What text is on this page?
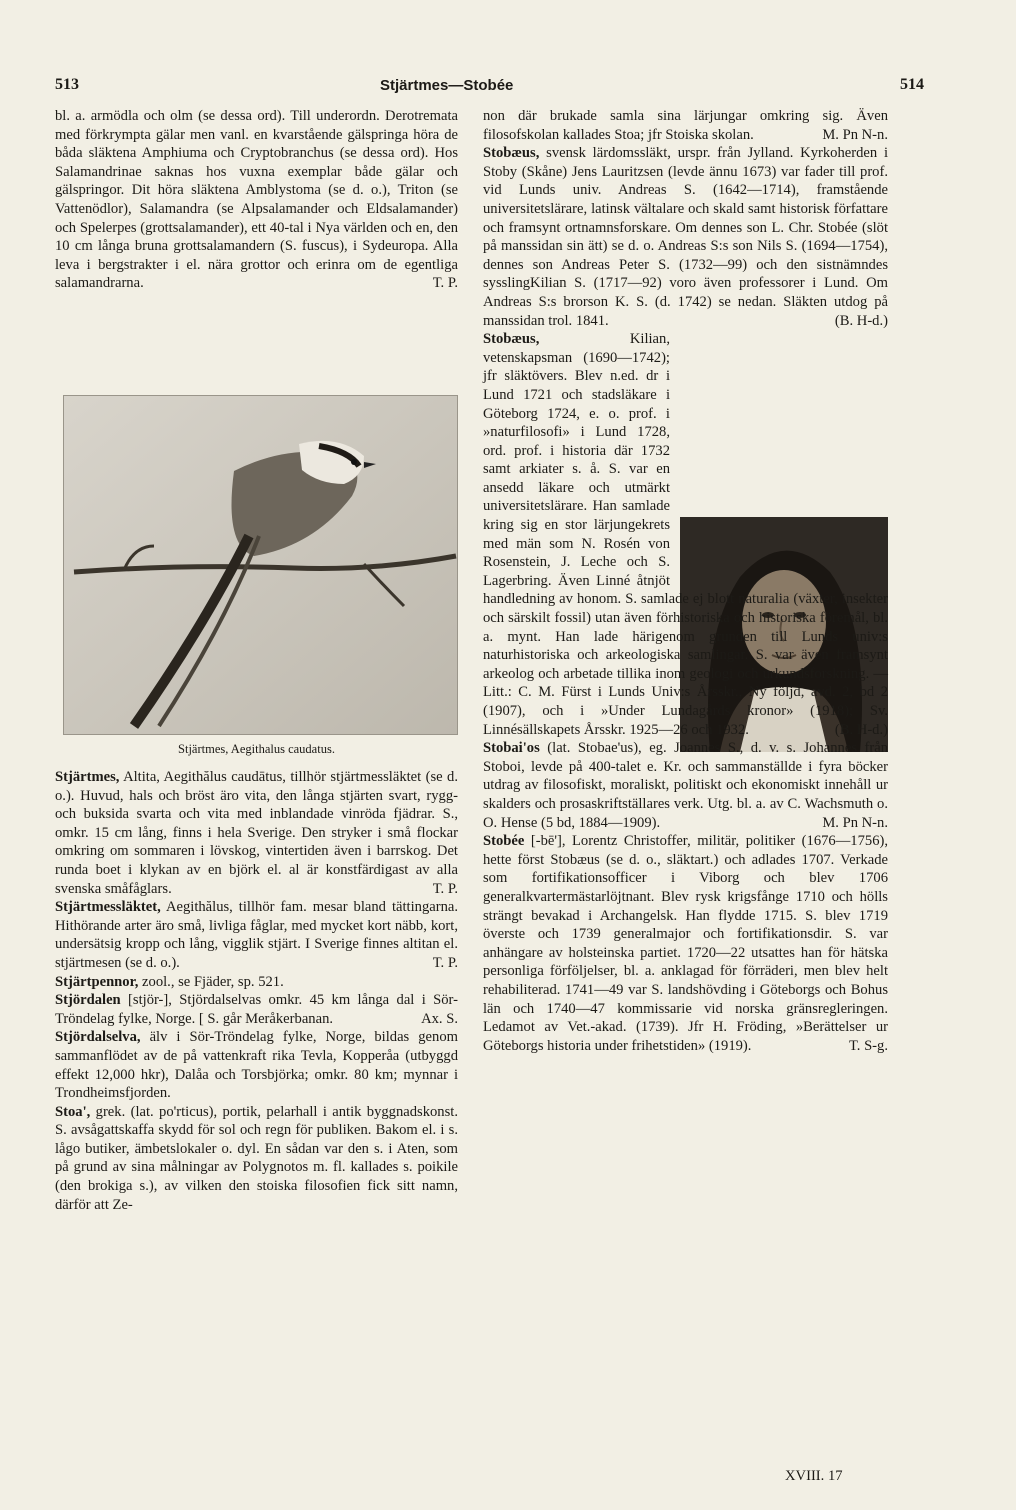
513	Stjärtmes—Stobée	514

bl. a. armödla och olm (se dessa ord). Till underordn. Derotremata med förkrympta gälar men vanl. en kvarstående gälspringa höra de båda släktena Amphiuma och Cryptobranchus (se dessa ord). Hos Salamandrinae saknas hos vuxna exemplar både gälar och gälspringor. Dit höra släktena Amblystoma (se d. o.), Triton (se Vattenödlor), Salamandra (se Alpsalamander och Eldsalamander) och Spelerpes (grottsalamander), ett 40-tal i Nya världen och en, den 10 cm långa bruna grottsalamandern (S. fuscus), i Sydeuropa. Alla leva i bergstrakter i el. nära grottor och erinra om de egentliga salamandrarna.	T. P.

Stjärtmes, Aegithalus caudatus.

Stjärtmes, Altita, Aegithălus caudātus, tillhör stjärtmessläktet (se d. o.). Huvud, hals och bröst äro vita, den långa stjärten svart, rygg- och buksida svarta och vita med inblandade vinröda fjädrar. S., omkr. 15 cm lång, finns i hela Sverige. Den stryker i små flockar omkring om sommaren i lövskog, vintertiden även i barrskog. Det runda boet i klykan av en björk el. al är konstfärdigast av alla svenska småfåglars.	T. P.

Stjärtmessläktet, Aegithălus, tillhör fam. mesar bland tättingarna. Hithörande arter äro små, livliga fåglar, med mycket kort näbb, kort, undersätsig kropp och lång, vigglik stjärt. I Sverige finnes altitan el. stjärtmesen (se d. o.).	T. P.

Stjärtpennor, zool., se Fjäder, sp. 521.

Stjördalen [stjör-], Stjördalselvas omkr. 45 km långa dal i Sör-Tröndelag fylke, Norge. [ S. går Meråkerbanan.	Ax. S.

Stjördalselva, älv i Sör-Tröndelag fylke, Norge, bildas genom sammanflödet av de på vattenkraft rika Tevla, Kopperåa (utbyggd effekt 12,000 hkr), Dalåa och Torsbjörka; omkr. 80 km; mynnar i Trondheimsfjorden.

Stoa', grek. (lat. po'rticus), portik, pelarhall i antik byggnadskonst. S. avsågattskaffa skydd för sol och regn för publiken. Bakom el. i s. lågo butiker, ämbetslokaler o. dyl. En sådan var den s. i Aten, som på grund av sina målningar av Polygnotos m. fl. kallades s. poikile (den brokiga s.), av vilken den stoiska filosofien fick sitt namn, därför att Ze-

non där brukade samla sina lärjungar omkring sig. Även filosofskolan kallades Stoa; jfr Stoiska skolan.	M. Pn N-n.

Stobæus, svensk lärdomssläkt, urspr. från Jylland. Kyrkoherden i Stoby (Skåne) Jens Lauritzsen (levde ännu 1673) var fader till prof. vid Lunds univ. Andreas S. (1642—1714), framstående universitetslärare, latinsk vältalare och skald samt historisk författare och framsynt ortnamnsforskare. Om dennes son L. Chr. Stobée (slöt på manssidan sin ätt) se d. o. Andreas S:s son Nils S. (1694—1754), dennes son Andreas Peter S. (1732—99) och den sistnämndes sysslingKilian S. (1717—92) voro även professorer i Lund. Om Andreas S:s brorson K. S. (d. 1742) se nedan. Släkten utdog på manssidan trol. 1841.	(B. H-d.)

Stobæus,	Kilian, vetenskapsman (1690—1742); jfr släktövers. Blev n.ed. dr i Lund 1721 och stadsläkare i Göteborg 1724, e. o. prof. i »naturfilosofi» i Lund 1728, ord. prof. i historia där 1732 samt arkiater s. å. S. var en ansedd läkare och utmärkt universitetslärare. Han samlade kring sig en stor lärjungekrets med män som N. Rosén von Rosenstein, J. Leche och S. Lagerbring. Även Linné åtnjöt handledning av honom. S. samlade ej blott naturalia (växter, insekter och särskilt fossil) utan även förhistoriska och historiska föremål, bl. a. mynt. Han lade härigenom grunden till Lunds univ:s naturhistoriska och arkeologiska samlingar. S. var även framsynt arkeolog och arbetade tillika inom geologi och urkundsforskning. — Litt.: C. M. Fürst i Lunds Univ:s Årsskr., Ny följd, avd. 2, bd 2 (1907), och i »Under Lundagårds kronor» (1918); Sv. Linnésällskapets Årsskr. 1925—26 och 1932.	(B. H-d.)

Stobai'os (lat. Stobae'us), eg. Joannes S., d. v. s. Johannes från Stoboi, levde på 400-talet e. Kr. och sammanställde i fyra böcker utdrag av filosofiskt, moraliskt, politiskt och ekonomiskt innehåll ur skalders och prosaskriftställares verk. Utg. bl. a. av C. Wachsmuth o. O. Hense (5 bd, 1884—1909).	M. Pn N-n.

Stobée [-bē'], Lorentz Christoffer, militär, politiker (1676—1756), hette först Stobæus (se d. o., släktart.) och adlades 1707. Verkade som fortifikationsofficer i Viborg och blev 1706 generalkvartermästarlöjtnant. Blev rysk krigsfånge 1710 och hölls strängt bevakad i Archangelsk. Han flydde 1715. S. blev 1719 överste och 1739 generalmajor och fortifikationsdir. S. var anhängare av holsteinska partiet. 1720—22 utsattes han för hätska personliga förföljelser, bl. a. anklagad för förräderi, men blev helt rehabiliterad. 1741—49 var S. landshövding i Göteborgs och Bohus län och 1740—47 kommissarie vid norska gränsregleringen. Ledamot av Vet.-akad. (1739). Jfr H. Fröding, »Berättelser ur Göteborgs historia under frihetstiden» (1919).	T. S-g.

XVIII. 17
